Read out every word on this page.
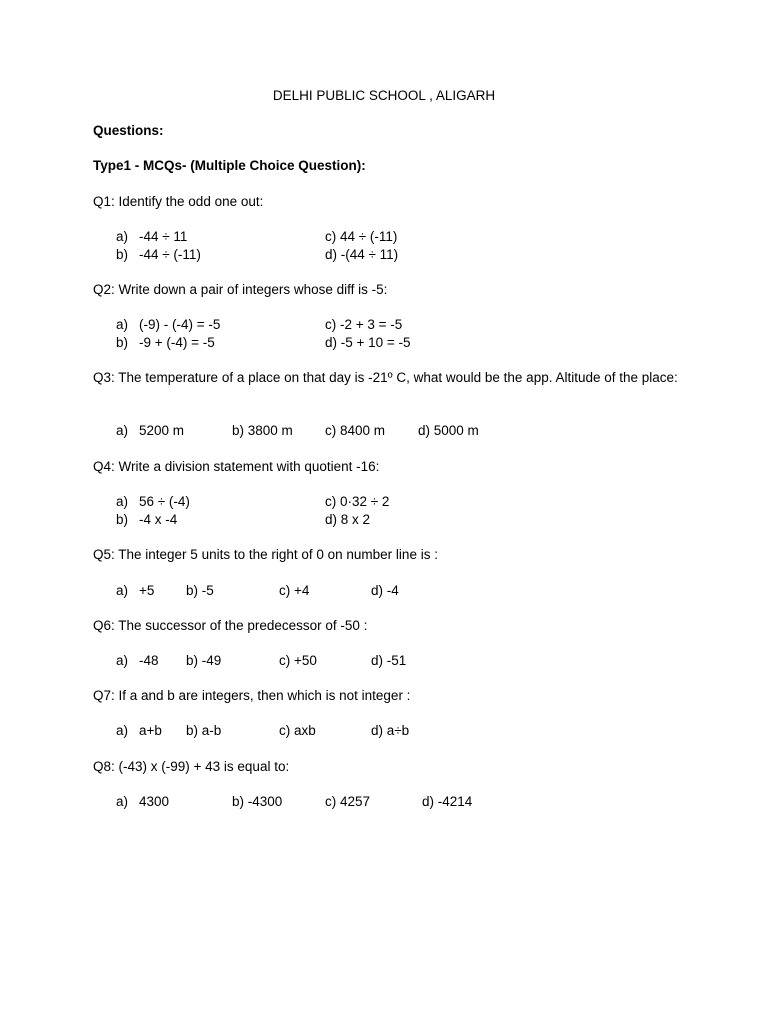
DELHI PUBLIC SCHOOL , ALIGARH
Questions:
Type1 - MCQs- (Multiple Choice Question):
Q1: Identify the odd one out:
a) -44 ÷ 11	c) 44 ÷ (-11)
b) -44 ÷ (-11)	d) -(44 ÷ 11)
Q2: Write down a pair of integers whose diff is -5:
a) (-9) - (-4) = -5	c) -2 + 3 = -5
b) -9 + (-4) = -5	d) -5 + 10 = -5
Q3: The temperature of a place on that day is -21º C, what would be the app. Altitude of the place:
a) 5200 m	b) 3800 m c) 8400 m d) 5000 m
Q4: Write a division statement with quotient -16:
a) 56 ÷ (-4)	c) 0·32 ÷ 2
b) -4 x -4	d) 8 x 2
Q5: The integer 5 units to the right of 0 on number line is :
a) +5 b) -5	c) +4	d) -4
Q6: The successor of the predecessor of -50 :
a) -48 b) -49	c) +50	d) -51
Q7: If a and b are integers, then which is not integer :
a) a+b b) a-b	c) axb	d) a÷b
Q8: (-43) x (-99) + 43 is equal to:
a) 4300	b) -4300	c) 4257	d) -4214
